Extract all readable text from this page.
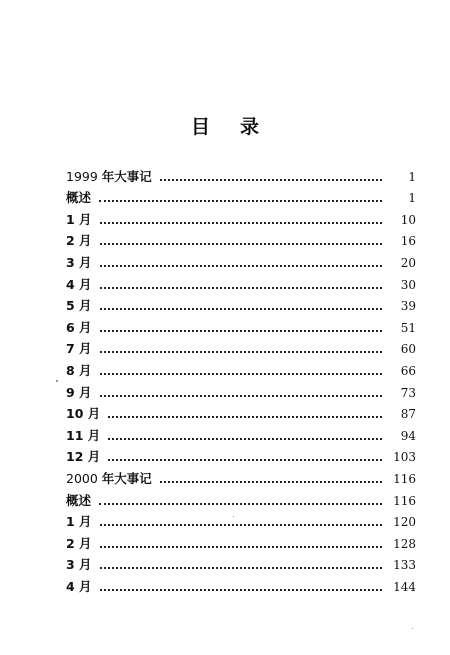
目 录
1999 年大事记	1
概述	1
1 月	10
2 月	16
3 月	20
4 月	30
5 月	39
6 月	51
7 月	60
8 月	66
9 月	73
10 月	87
11 月	94
12 月	103
2000 年大事记	116
概述	116
1 月	120
2 月	128
3 月	133
4 月	144
